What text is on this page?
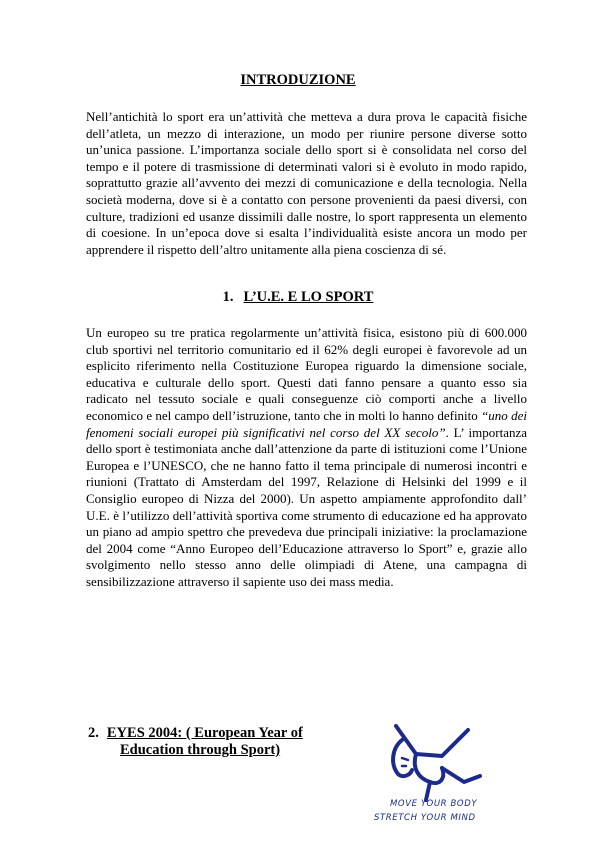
INTRODUZIONE

Nell’antichità lo sport era un’attività che metteva a dura prova le capacità fisiche dell’atleta, un mezzo di interazione, un modo per riunire persone diverse sotto un’unica passione. L’importanza sociale dello sport si è consolidata nel corso del tempo e il potere di trasmissione di determinati valori si è evoluto in modo rapido, soprattutto grazie all’avvento dei mezzi di comunicazione e della tecnologia. Nella società moderna, dove si è a contatto con persone provenienti da paesi diversi, con culture, tradizioni ed usanze dissimili dalle nostre, lo sport rappresenta un elemento di coesione. In un’epoca dove si esalta l’individualità esiste ancora un modo per apprendere il rispetto dell’altro unitamente alla piena coscienza di sé.

1. L’U.E. E LO SPORT

Un europeo su tre pratica regolarmente un’attività fisica, esistono più di 600.000 club sportivi nel territorio comunitario ed il 62% degli europei è favorevole ad un esplicito riferimento nella Costituzione Europea riguardo la dimensione sociale, educativa e culturale dello sport. Questi dati fanno pensare a quanto esso sia radicato nel tessuto sociale e quali conseguenze ciò comporti anche a livello economico e nel campo dell’istruzione, tanto che in molti lo hanno definito “uno dei fenomeni sociali europei più significativi nel corso del XX secolo”. L’ importanza dello sport è testimoniata anche dall’attenzione da parte di istituzioni come l’Unione Europea e l’UNESCO, che ne hanno fatto il tema principale di numerosi incontri e riunioni (Trattato di Amsterdam del 1997, Relazione di Helsinki del 1999 e il Consiglio europeo di Nizza del 2000). Un aspetto ampiamente approfondito dall’ U.E. è l’utilizzo dell’attività sportiva come strumento di educazione ed ha approvato un piano ad ampio spettro che prevedeva due principali iniziative: la proclamazione del 2004 come “Anno Europeo dell’Educazione attraverso lo Sport” e, grazie allo svolgimento nello stesso anno delle olimpiadi di Atene, una campagna di sensibilizzazione attraverso il sapiente uso dei mass media.

2. EYES 2004: ( European Year of
Education through Sport)
MOVE YOUR BODY
STRETCH YOUR MIND
